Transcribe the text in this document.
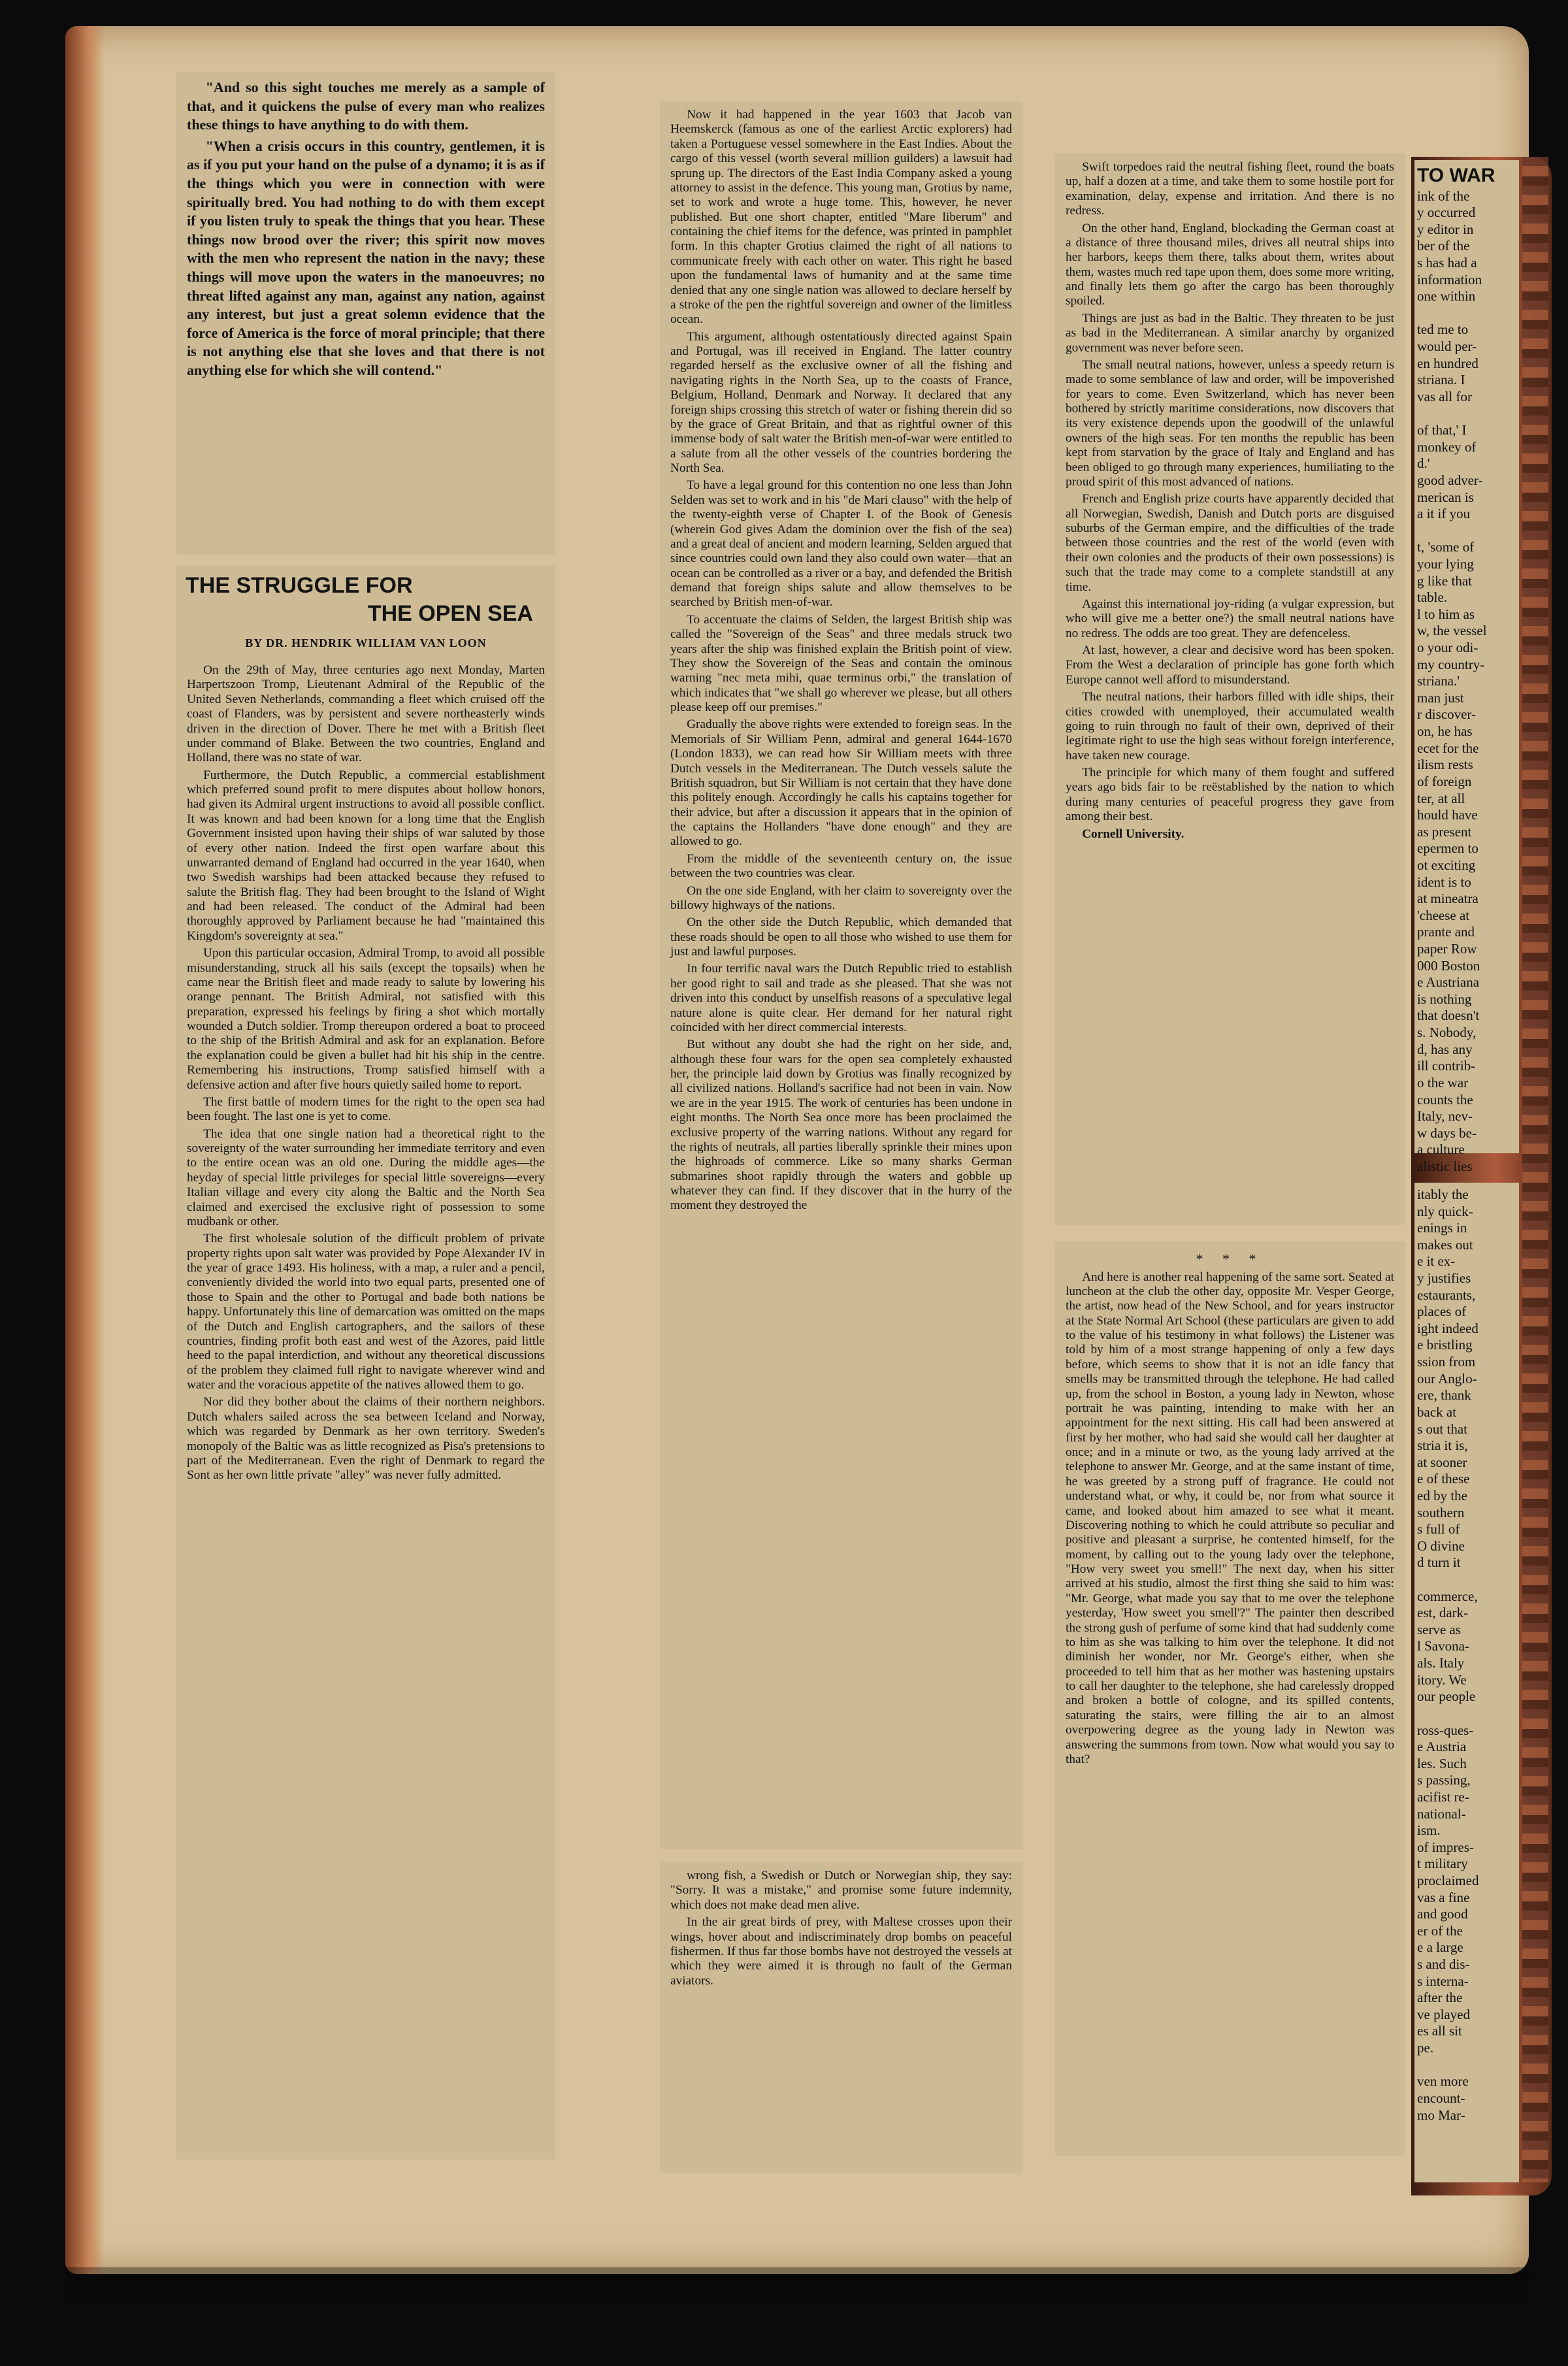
"And so this sight touches me merely as a sample of that, and it quickens the pulse of every man who realizes these things to have anything to do with them.

"When a crisis occurs in this country, gentlemen, it is as if you put your hand on the pulse of a dynamo; it is as if the things which you were in connection with were spiritually bred. You had nothing to do with them except if you listen truly to speak the things that you hear. These things now brood over the river; this spirit now moves with the men who represent the nation in the navy; these things will move upon the waters in the manoeuvres; no threat lifted against any man, against any nation, against any interest, but just a great solemn evidence that the force of America is the force of moral principle; that there is not anything else that she loves and that there is not anything else for which she will contend."

THE STRUGGLE FOR
THE OPEN SEA
BY DR. HENDRIK WILLIAM VAN LOON

On the 29th of May, three centuries ago next Monday, Marten Harpertszoon Tromp, Lieutenant Admiral of the Republic of the United Seven Netherlands, commanding a fleet which cruised off the coast of Flanders, was by persistent and severe northeasterly winds driven in the direction of Dover. There he met with a British fleet under command of Blake. Between the two countries, England and Holland, there was no state of war.

Furthermore, the Dutch Republic, a commercial establishment which preferred sound profit to mere disputes about hollow honors, had given its Admiral urgent instructions to avoid all possible conflict. It was known and had been known for a long time that the English Government insisted upon having their ships of war saluted by those of every other nation. Indeed the first open warfare about this unwarranted demand of England had occurred in the year 1640, when two Swedish warships had been attacked because they refused to salute the British flag. They had been brought to the Island of Wight and had been released. The conduct of the Admiral had been thoroughly approved by Parliament because he had "maintained this Kingdom's sovereignty at sea."

Upon this particular occasion, Admiral Tromp, to avoid all possible misunderstanding, struck all his sails (except the topsails) when he came near the British fleet and made ready to salute by lowering his orange pennant. The British Admiral, not satisfied with this preparation, expressed his feelings by firing a shot which mortally wounded a Dutch soldier. Tromp thereupon ordered a boat to proceed to the ship of the British Admiral and ask for an explanation. Before the explanation could be given a bullet had hit his ship in the centre. Remembering his instructions, Tromp satisfied himself with a defensive action and after five hours quietly sailed home to report.

The first battle of modern times for the right to the open sea had been fought. The last one is yet to come.

The idea that one single nation had a theoretical right to the sovereignty of the water surrounding her immediate territory and even to the entire ocean was an old one. During the middle ages—the heyday of special little privileges for special little sovereigns—every Italian village and every city along the Baltic and the North Sea claimed and exercised the exclusive right of possession to some mudbank or other.

The first wholesale solution of the difficult problem of private property rights upon salt water was provided by Pope Alexander IV in the year of grace 1493. His holiness, with a map, a ruler and a pencil, conveniently divided the world into two equal parts, presented one of those to Spain and the other to Portugal and bade both nations be happy. Unfortunately this line of demarcation was omitted on the maps of the Dutch and English cartographers, and the sailors of these countries, finding profit both east and west of the Azores, paid little heed to the papal interdiction, and without any theoretical discussions of the problem they claimed full right to navigate wherever wind and water and the voracious appetite of the natives allowed them to go.

Nor did they bother about the claims of their northern neighbors. Dutch whalers sailed across the sea between Iceland and Norway, which was regarded by Denmark as her own territory. Sweden's monopoly of the Baltic was as little recognized as Pisa's pretensions to part of the Mediterranean. Even the right of Denmark to regard the Sont as her own little private "alley" was never fully admitted.

Now it had happened in the year 1603 that Jacob van Heemskerck (famous as one of the earliest Arctic explorers) had taken a Portuguese vessel somewhere in the East Indies. About the cargo of this vessel (worth several million guilders) a lawsuit had sprung up. The directors of the East India Company asked a young attorney to assist in the defence. This young man, Grotius by name, set to work and wrote a huge tome. This, however, he never published. But one short chapter, entitled "Mare liberum" and containing the chief items for the defence, was printed in pamphlet form. In this chapter Grotius claimed the right of all nations to communicate freely with each other on water. This right he based upon the fundamental laws of humanity and at the same time denied that any one single nation was allowed to declare herself by a stroke of the pen the rightful sovereign and owner of the limitless ocean.

This argument, although ostentatiously directed against Spain and Portugal, was ill received in England. The latter country regarded herself as the exclusive owner of all the fishing and navigating rights in the North Sea, up to the coasts of France, Belgium, Holland, Denmark and Norway. It declared that any foreign ships crossing this stretch of water or fishing therein did so by the grace of Great Britain, and that as rightful owner of this immense body of salt water the British men-of-war were entitled to a salute from all the other vessels of the countries bordering the North Sea.

To have a legal ground for this contention no one less than John Selden was set to work and in his "de Mari clauso" with the help of the twenty-eighth verse of Chapter I. of the Book of Genesis (wherein God gives Adam the dominion over the fish of the sea) and a great deal of ancient and modern learning, Selden argued that since countries could own land they also could own water—that an ocean can be controlled as a river or a bay, and defended the British demand that foreign ships salute and allow themselves to be searched by British men-of-war.

To accentuate the claims of Selden, the largest British ship was called the "Sovereign of the Seas" and three medals struck two years after the ship was finished explain the British point of view. They show the Sovereign of the Seas and contain the ominous warning "nec meta mihi, quae terminus orbi," the translation of which indicates that "we shall go wherever we please, but all others please keep off our premises."

Gradually the above rights were extended to foreign seas. In the Memorials of Sir William Penn, admiral and general 1644-1670 (London 1833), we can read how Sir William meets with three Dutch vessels in the Mediterranean. The Dutch vessels salute the British squadron, but Sir William is not certain that they have done this politely enough. Accordingly he calls his captains together for their advice, but after a discussion it appears that in the opinion of the captains the Hollanders "have done enough" and they are allowed to go.

From the middle of the seventeenth century on, the issue between the two countries was clear.

On the one side England, with her claim to sovereignty over the billowy highways of the nations.

On the other side the Dutch Republic, which demanded that these roads should be open to all those who wished to use them for just and lawful purposes.

In four terrific naval wars the Dutch Republic tried to establish her good right to sail and trade as she pleased. That she was not driven into this conduct by unselfish reasons of a speculative legal nature alone is quite clear. Her demand for her natural right coincided with her direct commercial interests.

But without any doubt she had the right on her side, and, although these four wars for the open sea completely exhausted her, the principle laid down by Grotius was finally recognized by all civilized nations. Holland's sacrifice had not been in vain. Now we are in the year 1915. The work of centuries has been undone in eight months. The North Sea once more has been proclaimed the exclusive property of the warring nations. Without any regard for the rights of neutrals, all parties liberally sprinkle their mines upon the highroads of commerce. Like so many sharks German submarines shoot rapidly through the waters and gobble up whatever they can find. If they discover that in the hurry of the moment they destroyed the

wrong fish, a Swedish or Dutch or Norwegian ship, they say: "Sorry. It was a mistake," and promise some future indemnity, which does not make dead men alive.

In the air great birds of prey, with Maltese crosses upon their wings, hover about and indiscriminately drop bombs on peaceful fishermen. If thus far those bombs have not destroyed the vessels at which they were aimed it is through no fault of the German aviators.

Swift torpedoes raid the neutral fishing fleet, round the boats up, half a dozen at a time, and take them to some hostile port for examination, delay, expense and irritation. And there is no redress.

On the other hand, England, blockading the German coast at a distance of three thousand miles, drives all neutral ships into her harbors, keeps them there, talks about them, writes about them, wastes much red tape upon them, does some more writing, and finally lets them go after the cargo has been thoroughly spoiled.

Things are just as bad in the Baltic. They threaten to be just as bad in the Mediterranean. A similar anarchy by organized government was never before seen.

The small neutral nations, however, unless a speedy return is made to some semblance of law and order, will be impoverished for years to come. Even Switzerland, which has never been bothered by strictly maritime considerations, now discovers that its very existence depends upon the goodwill of the unlawful owners of the high seas. For ten months the republic has been kept from starvation by the grace of Italy and England and has been obliged to go through many experiences, humiliating to the proud spirit of this most advanced of nations.

French and English prize courts have apparently decided that all Norwegian, Swedish, Danish and Dutch ports are disguised suburbs of the German empire, and the difficulties of the trade between those countries and the rest of the world (even with their own colonies and the products of their own possessions) is such that the trade may come to a complete standstill at any time.

Against this international joy-riding (a vulgar expression, but who will give me a better one?) the small neutral nations have no redress. The odds are too great. They are defenceless.

At last, however, a clear and decisive word has been spoken. From the West a declaration of principle has gone forth which Europe cannot well afford to misunderstand.

The neutral nations, their harbors filled with idle ships, their cities crowded with unemployed, their accumulated wealth going to ruin through no fault of their own, deprived of their legitimate right to use the high seas without foreign interference, have taken new courage.

The principle for which many of them fought and suffered years ago bids fair to be reëstablished by the nation to which during many centuries of peaceful progress they gave from among their best.

Cornell University.

* * *

And here is another real happening of the same sort. Seated at luncheon at the club the other day, opposite Mr. Vesper George, the artist, now head of the New School, and for years instructor at the State Normal Art School (these particulars are given to add to the value of his testimony in what follows) the Listener was told by him of a most strange happening of only a few days before, which seems to show that it is not an idle fancy that smells may be transmitted through the telephone. He had called up, from the school in Boston, a young lady in Newton, whose portrait he was painting, intending to make with her an appointment for the next sitting. His call had been answered at first by her mother, who had said she would call her daughter at once; and in a minute or two, as the young lady arrived at the telephone to answer Mr. George, and at the same instant of time, he was greeted by a strong puff of fragrance. He could not understand what, or why, it could be, nor from what source it came, and looked about him amazed to see what it meant. Discovering nothing to which he could attribute so peculiar and positive and pleasant a surprise, he contented himself, for the moment, by calling out to the young lady over the telephone, "How very sweet you smell!" The next day, when his sitter arrived at his studio, almost the first thing she said to him was: "Mr. George, what made you say that to me over the telephone yesterday, 'How sweet you smell'?" The painter then described the strong gush of perfume of some kind that had suddenly come to him as she was talking to him over the telephone. It did not diminish her wonder, nor Mr. George's either, when she proceeded to tell him that as her mother was hastening upstairs to call her daughter to the telephone, she had carelessly dropped and broken a bottle of cologne, and its spilled contents, saturating the stairs, were filling the air to an almost overpowering degree as the young lady in Newton was answering the summons from town. Now what would you say to that?

TO WAR
ink of the
y occurred
y editor in
ber of the
s has had a
information
one within

ted me to
would per-
en hundred
striana. I
vas all for

of that,' I
monkey of
d.'
good adver-
merican is
a it if you

t, 'some of
your lying
g like that
table.
l to him as
w, the vessel
o your odi-
my country-
striana.'
man just
r discover-
on, he has
ecet for the
ilism rests
of foreign
ter, at all
hould have
as present
epermen to
ot exciting
ident is to
at mineatra
'cheese at
prante and
paper Row
000 Boston
e Austriana
is nothing
that doesn't
s. Nobody,
d, has any
ill contrib-
o the war
counts the
Italy, nev-
w days be-
a culture
alistic lies
itably the
nly quick-
enings in
makes out
e it ex-
y justifies
estaurants,
places of
ight indeed
e bristling
ssion from
our Anglo-
ere, thank
back at
s out that
stria it is,
at sooner
e of these
ed by the
southern
s full of
O divine
d turn it

commerce,
est, dark-
serve as
l Savona-
als. Italy
itory. We
our people

ross-ques-
e Austria
les. Such
s passing,
acifist re-
national-
ism.
of impres-
t military
proclaimed
vas a fine
and good
er of the
e a large
s and dis-
s interna-
after the
ve played
es all sit
pe.

ven more
encount-
mo Mar-
